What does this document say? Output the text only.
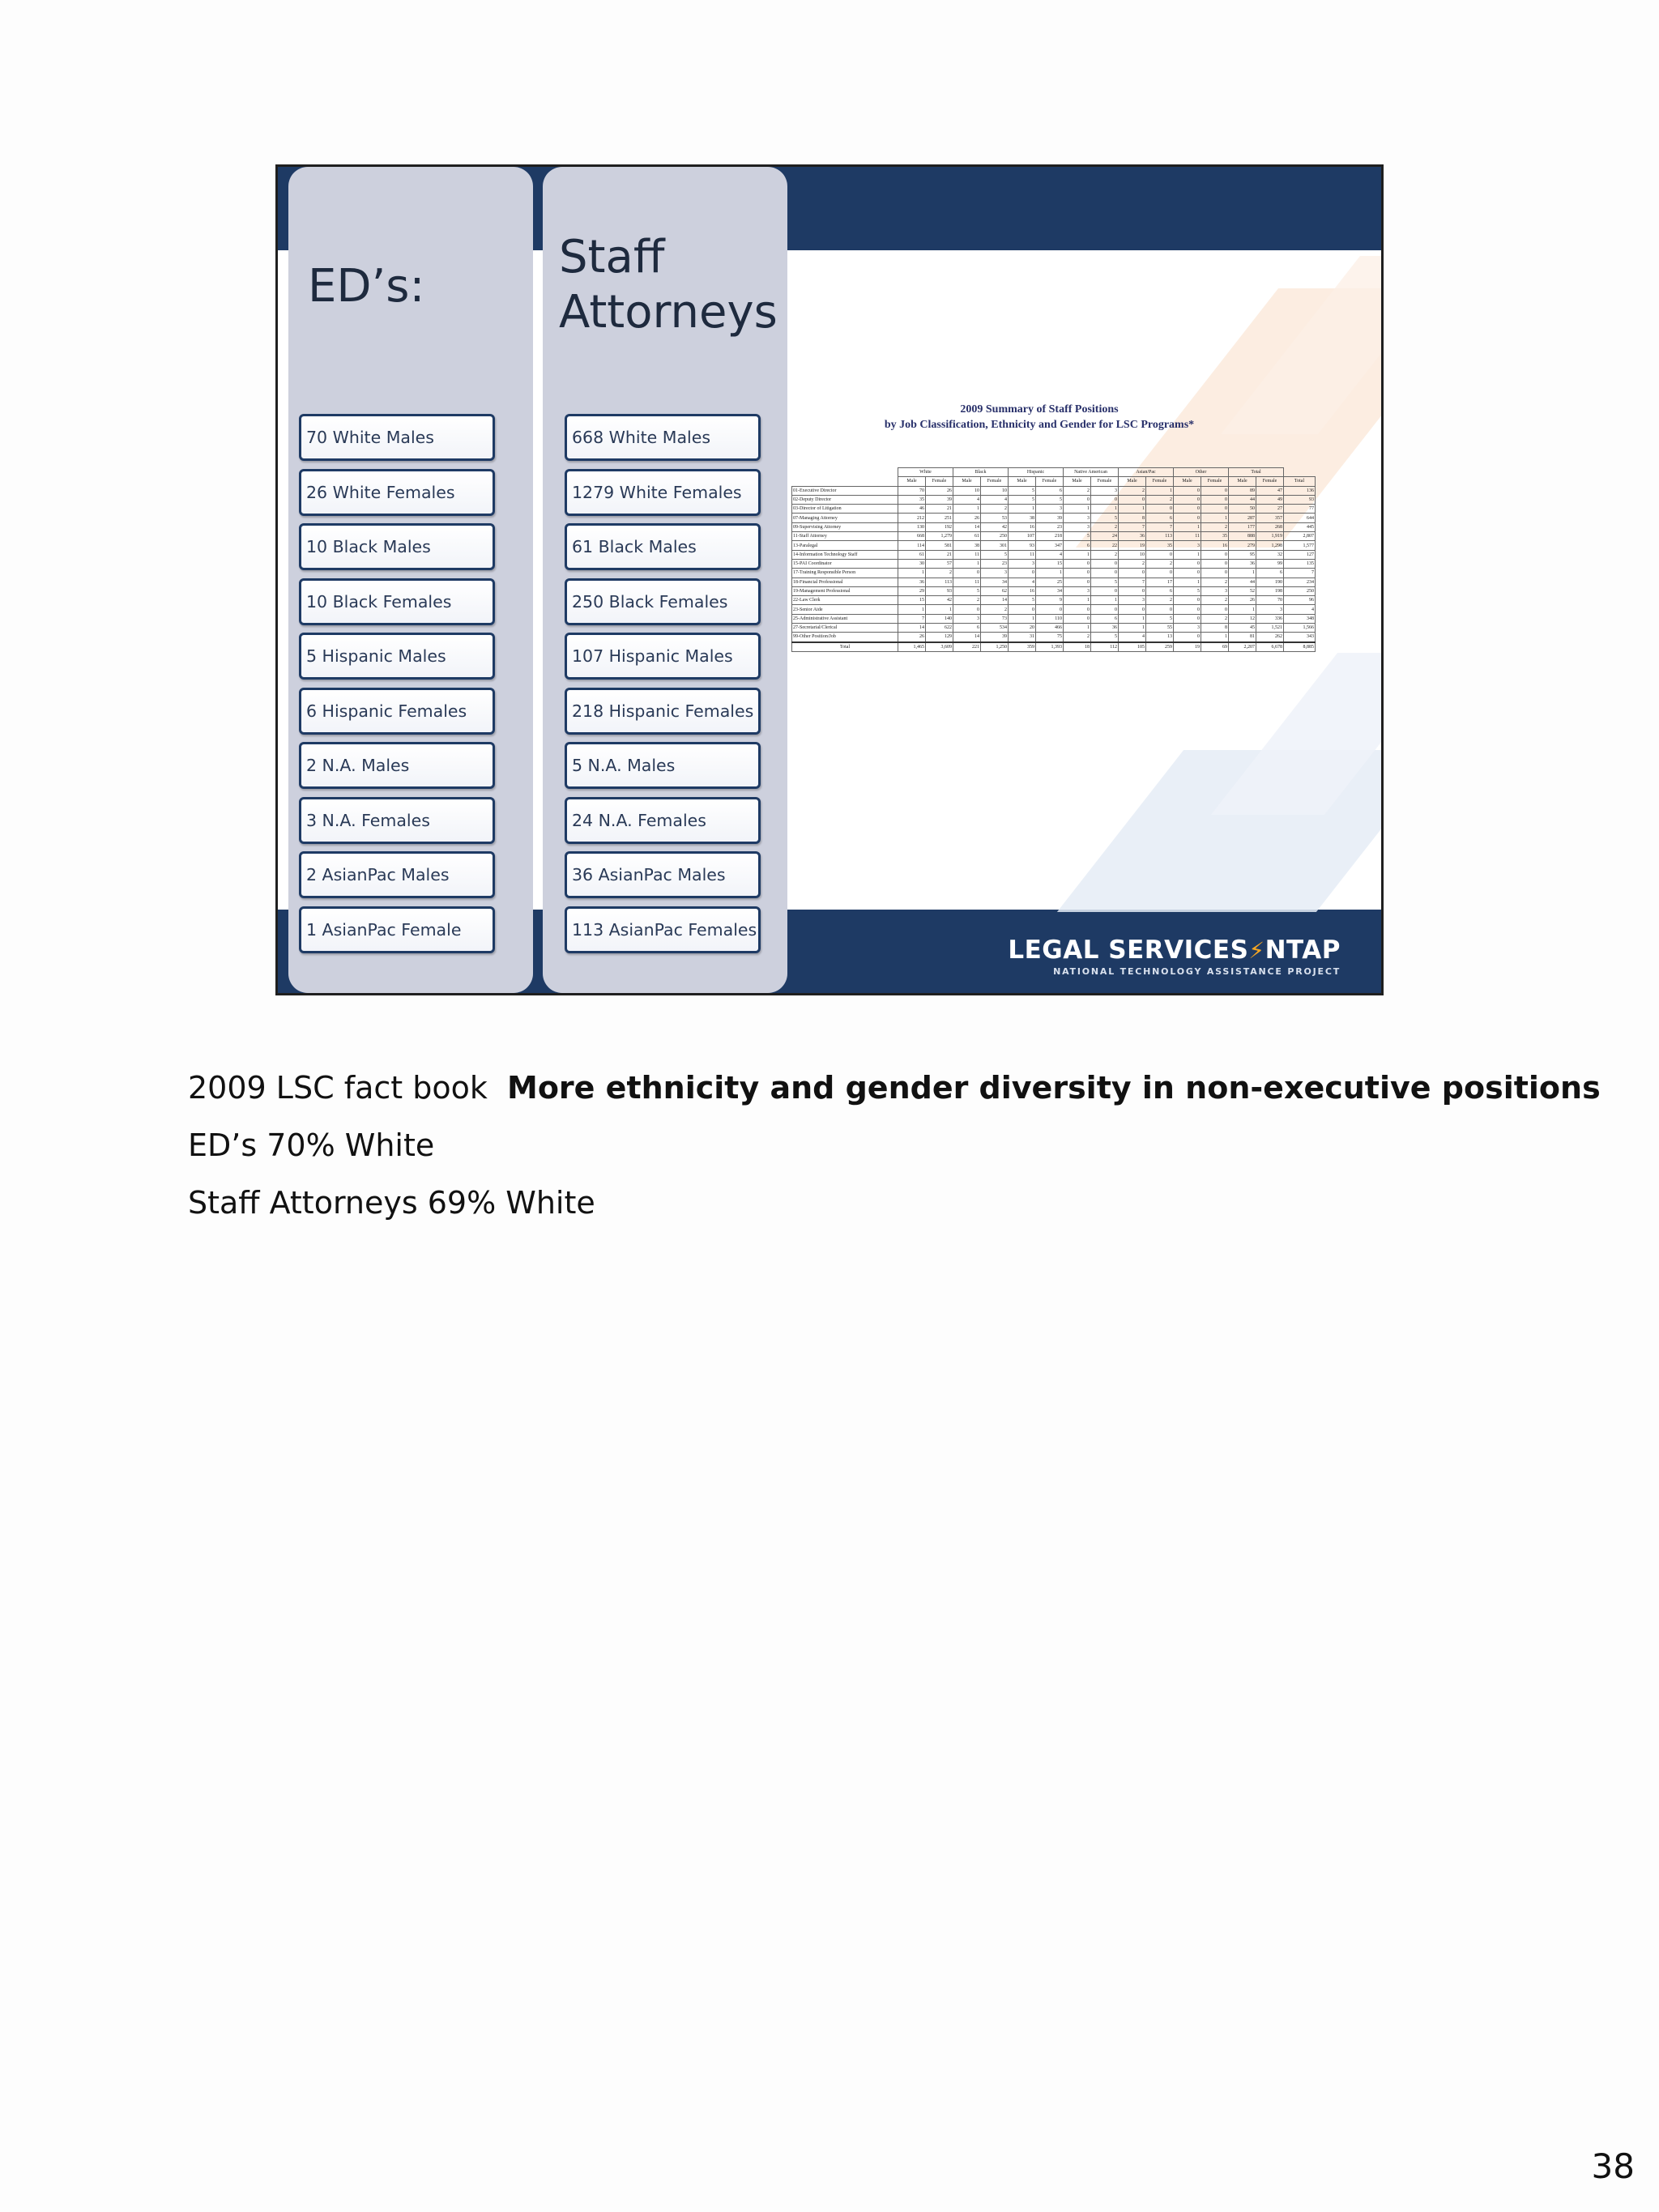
ED’s:
70 White Males
26 White Females
10 Black Males
10 Black Females
5 Hispanic Males
6 Hispanic Females
2 N.A. Males
3 N.A. Females
2 AsianPac Males
1 AsianPac Female
Staff
Attorneys
668 White Males
1279 White Females
61 Black Males
250 Black Females
107 Hispanic Males
218 Hispanic Females
5 N.A. Males
24 N.A. Females
36 AsianPac Males
113 AsianPac Females
2009 Summary of Staff Positions
by Job Classification, Ethnicity and Gender for LSC Programs*
	White		Black		Hispanic		Native American		Asian/Pac		Other		Total		
	Male	Female	Male	Female	Male	Female	Male	Female	Male	Female	Male	Female	Male	Female	Total
01-Executive Director	70	26	10	10	5	6	2	3	2	1	0	0	89	47	136
02-Deputy Director	35	39	4	4	5	5	0	0	0	2	0	0	44	49	93
03-Director of Litigation	46	21	1	2	1	3	1	1	1	0	0	0	50	27	77
07-Managing Attorney	212	251	26	53	38	39	3	5	8	6	0	1	287	357	644
09-Supervising Attorney	130	192	14	42	16	23	3	2	7	7	1	2	177	268	445
11-Staff Attorney	668	1,279	61	250	107	218	5	24	36	113	11	35	888	1,919	2,807
13-Paralegal	114	581	38	301	93	347	6	22	19	35	3	16	279	1,298	1,577
14-Information Technology Staff	61	21	11	5	11	4	1	2	10	0	1	0	95	32	127
15-PAI Coordinator	30	57	1	23	3	15	0	0	2	2	0	0	36	99	135
17-Training Responsible Person	1	2	0	3	0	1	0	0	0	0	0	0	1	6	7
18-Financial Professional	36	113	11	34	4	25	0	5	7	17	1	2	44	190	234
19-Management Professional	29	93	5	62	16	34	3	0	0	6	5	3	52	198	250
22-Law Clerk	15	42	2	14	5	9	1	1	3	2	0	2	26	70	96
23-Senior Aide	1	1	0	2	0	0	0	0	0	0	0	0	1	3	4
25-Administrative Assistant	7	140	3	73	1	110	0	6	1	5	0	2	12	336	348
27-Secretarial/Clerical	14	622	6	534	20	466	1	36	1	55	3	8	45	1,521	1,566
99-Other Position/Job	26	129	14	39	31	75	2	5	4	13	0	1	81	262	343
Total	1,465	3,609	221	1,250	359	1,393	18	112	105	259	19	69	2,207	6,678	8,885
LEGAL SERVICES⚡NTAP
NATIONAL TECHNOLOGY ASSISTANCE PROJECT
2009 LSC fact book  More ethnicity and gender diversity in non-executive positions
ED’s 70% White
Staff Attorneys 69% White
38
